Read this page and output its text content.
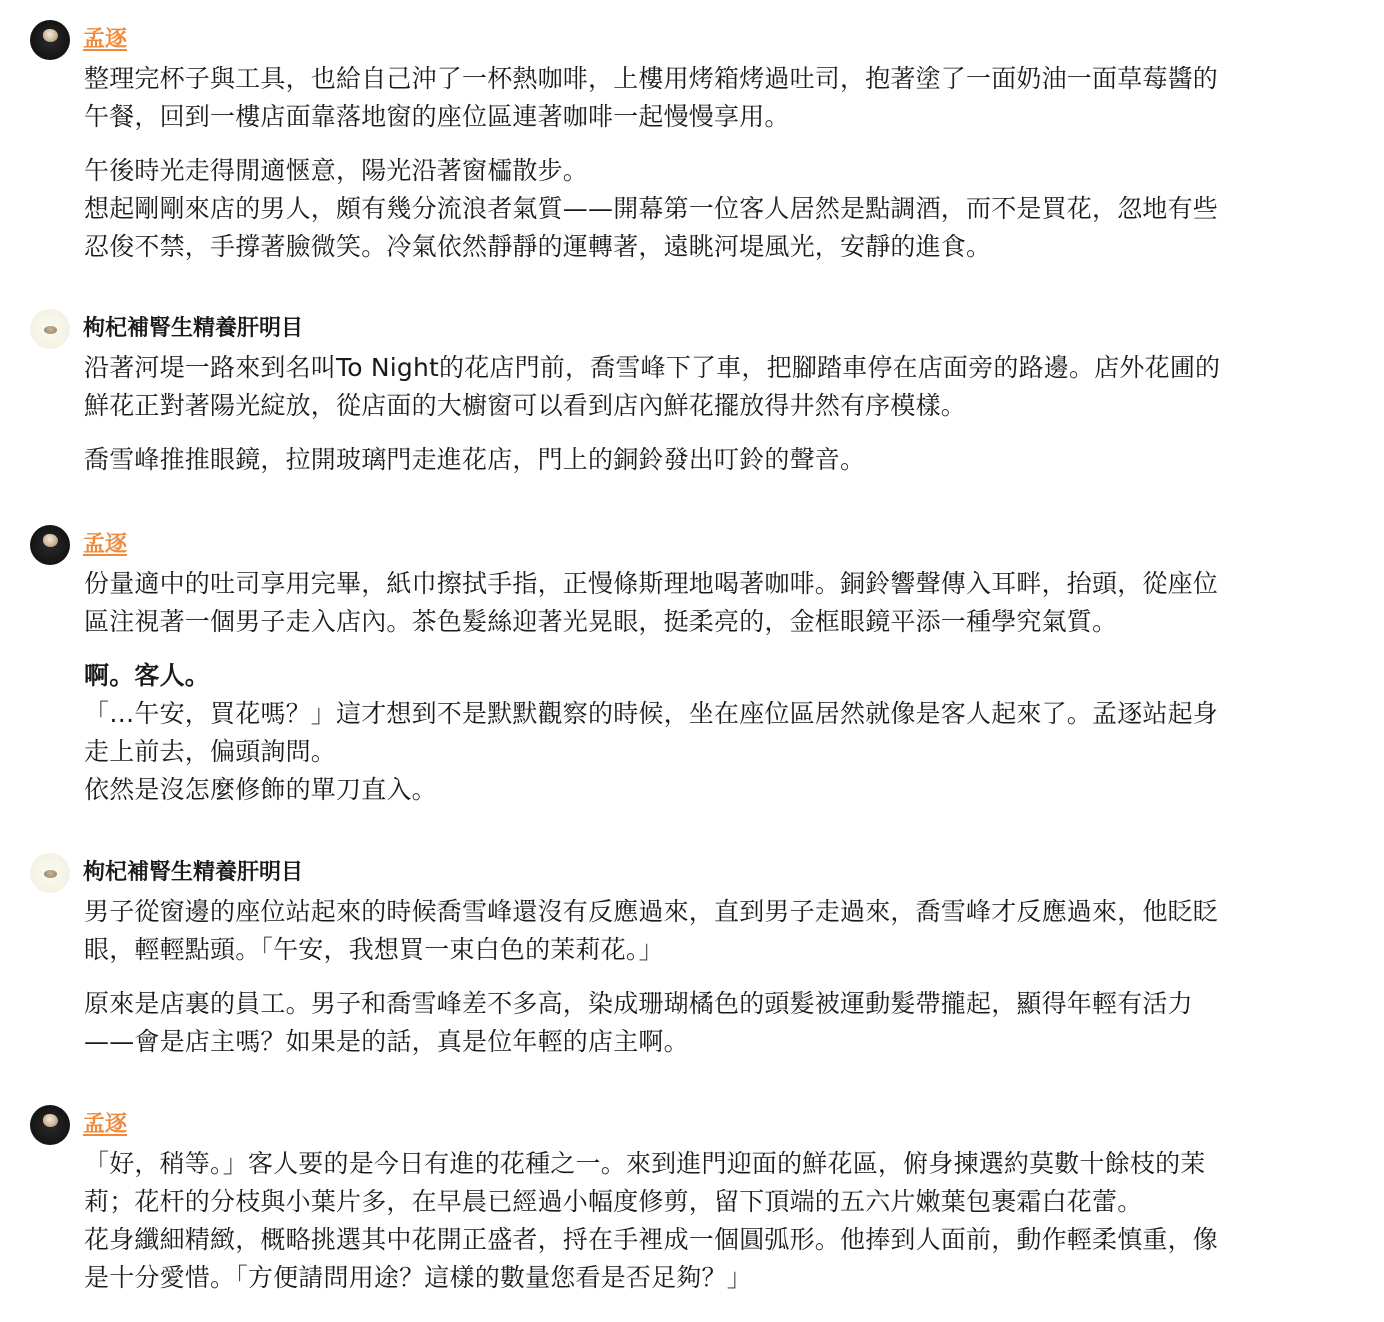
孟逐
整理完杯子與工具，也給自己沖了一杯熱咖啡，上樓用烤箱烤過吐司，抱著塗了一面奶油一面草莓醬的
午餐，回到一樓店面靠落地窗的座位區連著咖啡一起慢慢享用。
午後時光走得閒適愜意，陽光沿著窗櫺散步。
想起剛剛來店的男人，頗有幾分流浪者氣質——開幕第一位客人居然是點調酒，而不是買花，忽地有些
忍俊不禁，手撐著臉微笑。冷氣依然靜靜的運轉著，遠眺河堤風光，安靜的進食。
枸杞補腎生精養肝明目
沿著河堤一路來到名叫To Night的花店門前，喬雪峰下了車，把腳踏車停在店面旁的路邊。店外花圃的
鮮花正對著陽光綻放，從店面的大櫥窗可以看到店內鮮花擺放得井然有序模樣。
喬雪峰推推眼鏡，拉開玻璃門走進花店，門上的銅鈴發出叮鈴的聲音。
孟逐
份量適中的吐司享用完畢，紙巾擦拭手指，正慢條斯理地喝著咖啡。銅鈴響聲傳入耳畔，抬頭，從座位
區注視著一個男子走入店內。茶色髮絲迎著光晃眼，挺柔亮的，金框眼鏡平添一種學究氣質。
啊。客人。
「…午安，買花嗎？」這才想到不是默默觀察的時候，坐在座位區居然就像是客人起來了。孟逐站起身
走上前去，偏頭詢問。
依然是沒怎麼修飾的單刀直入。
枸杞補腎生精養肝明目
男子從窗邊的座位站起來的時候喬雪峰還沒有反應過來，直到男子走過來，喬雪峰才反應過來，他眨眨
眼，輕輕點頭。「午安，我想買一束白色的茉莉花。」
原來是店裏的員工。男子和喬雪峰差不多高，染成珊瑚橘色的頭髮被運動髮帶攏起，顯得年輕有活力
——會是店主嗎？如果是的話，真是位年輕的店主啊。
孟逐
「好，稍等。」客人要的是今日有進的花種之一。來到進門迎面的鮮花區，俯身揀選約莫數十餘枝的茉
莉；花杆的分枝與小葉片多，在早晨已經過小幅度修剪，留下頂端的五六片嫩葉包裹霜白花蕾。
花身纖細精緻，概略挑選其中花開正盛者，捋在手裡成一個圓弧形。他捧到人面前，動作輕柔慎重，像
是十分愛惜。「方便請問用途？這樣的數量您看是否足夠？」
